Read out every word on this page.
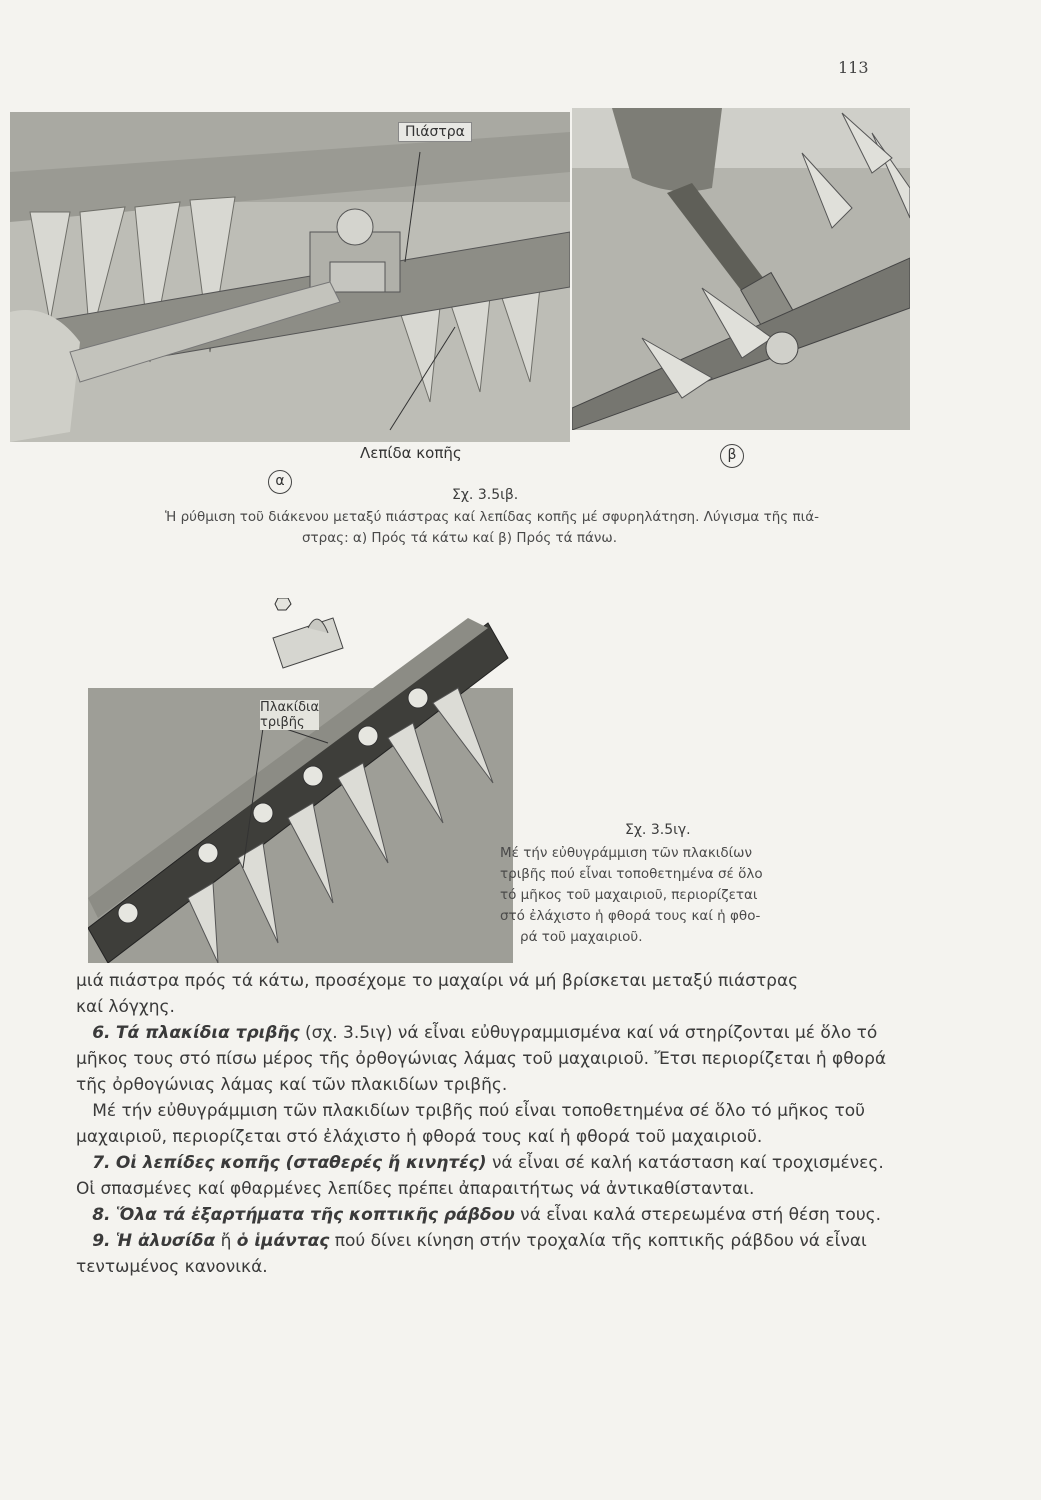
113
Πιάστρα
Λεπίδα κοπῆς
α
β
Σχ. 3.5ιβ.
Ἡ ρύθμιση τοῦ διάκενου μεταξύ πιάστρας καί λεπίδας κοπῆς μέ σφυρηλάτηση. Λύγισμα τῆς πιά-
στρας: α) Πρός τά κάτω καί β) Πρός τά πάνω.
Πλακίδια
τριβῆς
Σχ. 3.5ιγ.
Μέ τήν εὐθυγράμμιση τῶν πλακιδίων
τριβῆς πού εἶναι τοποθετημένα σέ ὅλο
τό μῆκος τοῦ μαχαιριοῦ, περιορίζεται
στό ἐλάχιστο ἡ φθορά τους καί ἡ φθο-
ρά τοῦ μαχαιριοῦ.

μιά πιάστρα πρός τά κάτω, προσέχομε το μαχαίρι νά μή βρίσκεται μεταξύ πιάστρας

καί λόγχης.

6. Τά πλακίδια τριβῆς (σχ. 3.5ιγ) νά εἶναι εὐθυγραμμισμένα καί νά στηρίζονται μέ ὅλο τό μῆκος τους στό πίσω μέρος τῆς ὀρθογώνιας λάμας τοῦ μαχαιριοῦ. Ἔτσι περιορίζεται ἡ φθορά τῆς ὀρθογώνιας λάμας καί τῶν πλακιδίων τριβῆς.

Μέ τήν εὐθυγράμμιση τῶν πλακιδίων τριβῆς πού εἶναι τοποθετημένα σέ ὅλο τό μῆκος τοῦ μαχαιριοῦ, περιορίζεται στό ἐλάχιστο ἡ φθορά τους καί ἡ φθορά τοῦ μαχαιριοῦ.

7. Οἱ λεπίδες κοπῆς (σταθερές ἤ κινητές) νά εἶναι σέ καλή κατάσταση καί τροχισμένες. Οἱ σπασμένες καί φθαρμένες λεπίδες πρέπει ἀπαραιτήτως νά ἀντικαθίστανται.

8. Ὅλα τά ἐξαρτήματα τῆς κοπτικῆς ράβδου νά εἶναι καλά στερεωμένα στή θέση τους.

9. Ἡ ἀλυσίδα ἤ ὁ ἱμάντας πού δίνει κίνηση στήν τροχαλία τῆς κοπτικῆς ράβδου νά εἶναι τεντωμένος κανονικά.
